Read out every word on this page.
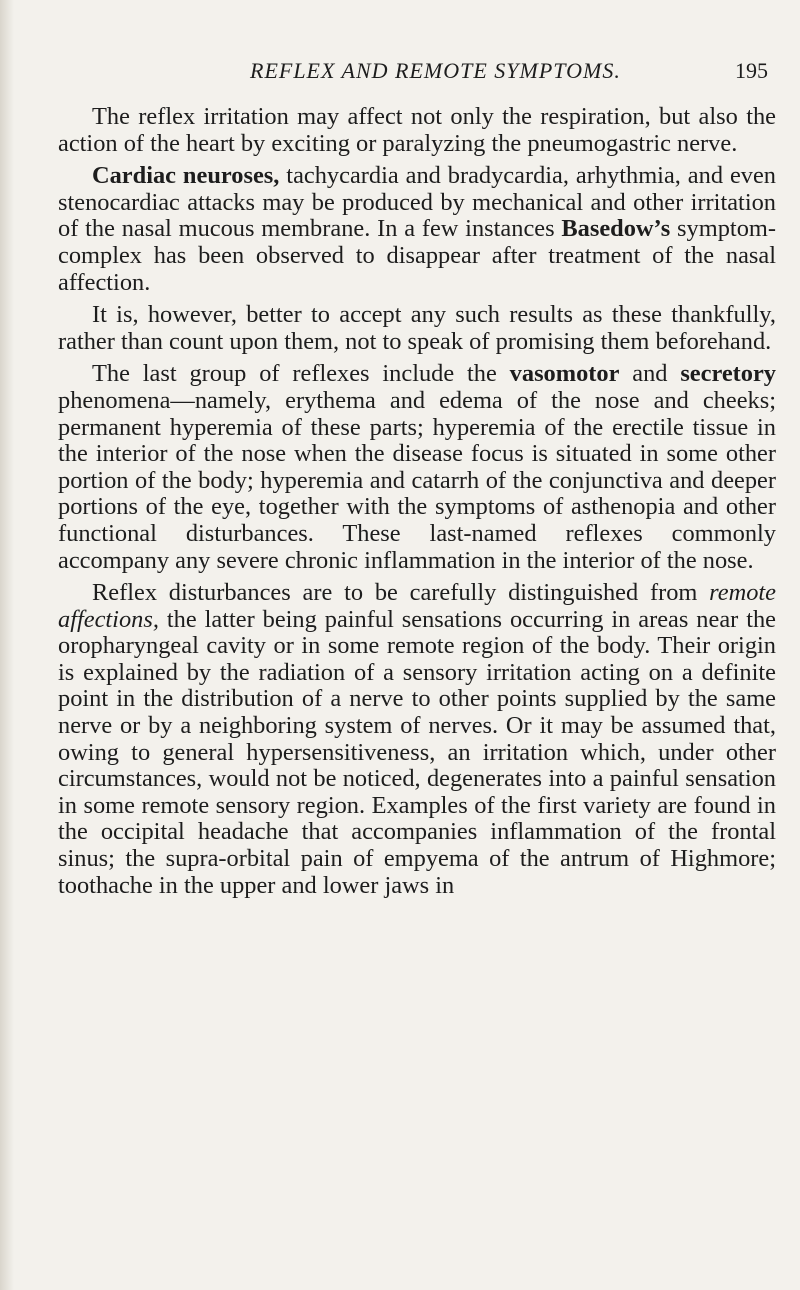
REFLEX AND REMOTE SYMPTOMS.	195

The reflex irritation may affect not only the respiration, but also the action of the heart by exciting or paralyzing the pneumogastric nerve.

Cardiac neuroses, tachycardia and bradycardia, arhythmia, and even stenocardiac attacks may be produced by mechanical and other irritation of the nasal mucous membrane. In a few instances Basedow’s symptom-complex has been observed to disappear after treatment of the nasal affection.

It is, however, better to accept any such results as these thankfully, rather than count upon them, not to speak of promising them beforehand.

The last group of reflexes include the vasomotor and secretory phenomena—namely, erythema and edema of the nose and cheeks; permanent hyperemia of these parts; hyperemia of the erectile tissue in the interior of the nose when the disease focus is situated in some other portion of the body; hyperemia and catarrh of the conjunctiva and deeper portions of the eye, together with the symptoms of asthenopia and other functional disturbances. These last-named reflexes commonly accompany any severe chronic inflammation in the interior of the nose.

Reflex disturbances are to be carefully distinguished from remote affections, the latter being painful sensations occurring in areas near the oropharyngeal cavity or in some remote region of the body. Their origin is explained by the radiation of a sensory irritation acting on a definite point in the distribution of a nerve to other points supplied by the same nerve or by a neighboring system of nerves. Or it may be assumed that, owing to general hypersensitiveness, an irritation which, under other circumstances, would not be noticed, degenerates into a painful sensation in some remote sensory region. Examples of the first variety are found in the occipital headache that accompanies inflammation of the frontal sinus; the supra-orbital pain of empyema of the antrum of Highmore; toothache in the upper and lower jaws in
